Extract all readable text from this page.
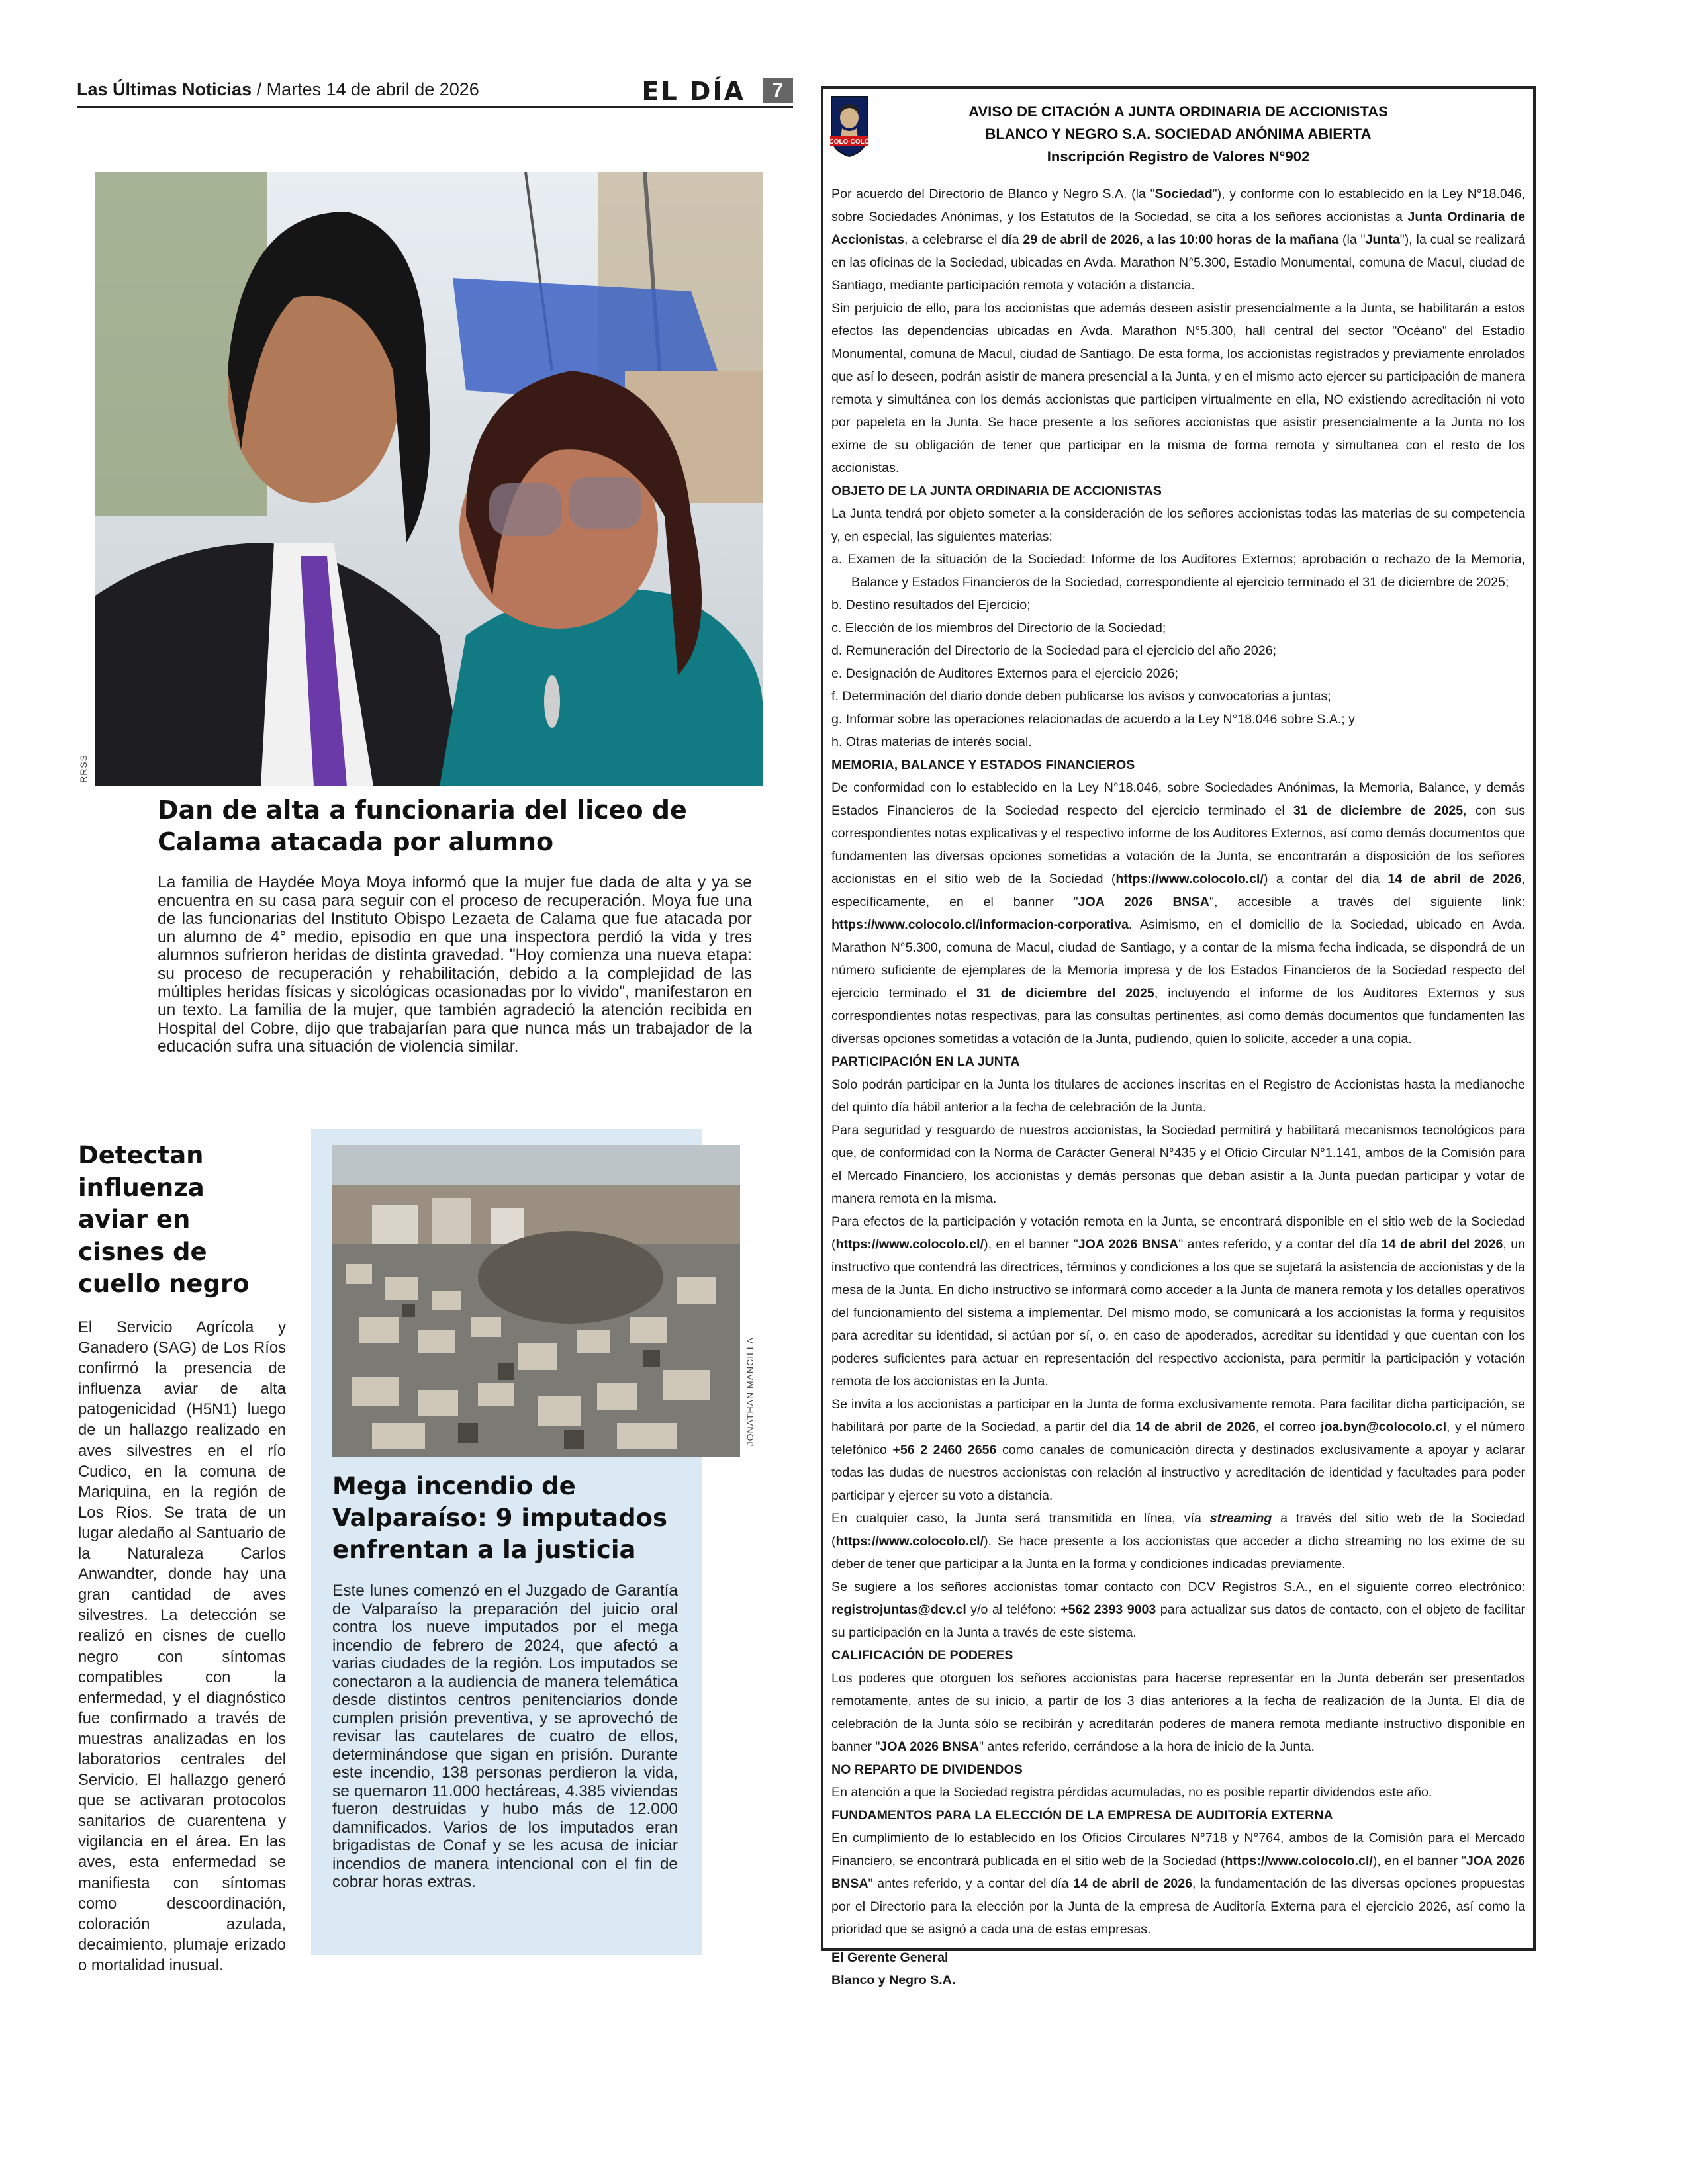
Las Últimas Noticias / Martes 14 de abril de 2026	EL DÍA	7
RRSS
Dan de alta a funcionaria del liceo de Calama atacada por alumno
La familia de Haydée Moya Moya informó que la mujer fue dada de alta y ya se encuentra en su casa para seguir con el proceso de recuperación. Moya fue una de las funcionarias del Instituto Obispo Lezaeta de Calama que fue atacada por un alumno de 4° medio, episodio en que una inspectora perdió la vida y tres alumnos sufrieron heridas de distinta gravedad. "Hoy comienza una nueva etapa: su proceso de recuperación y rehabilitación, debido a la complejidad de las múltiples heridas físicas y sicológicas ocasionadas por lo vivido", manifestaron en un texto. La familia de la mujer, que también agradeció la atención recibida en Hospital del Cobre, dijo que trabajarían para que nunca más un trabajador de la educación sufra una situación de violencia similar.
Detectan influenza aviar en cisnes de cuello negro
El Servicio Agrícola y Ganadero (SAG) de Los Ríos confirmó la presencia de influenza aviar de alta patogenicidad (H5N1) luego de un hallazgo realizado en aves silvestres en el río Cudico, en la comuna de Mariquina, en la región de Los Ríos. Se trata de un lugar aledaño al Santuario de la Naturaleza Carlos Anwandter, donde hay una gran cantidad de aves silvestres. La detección se realizó en cisnes de cuello negro con síntomas compatibles con la enfermedad, y el diagnóstico fue confirmado a través de muestras analizadas en los laboratorios centrales del Servicio. El hallazgo generó que se activaran protocolos sanitarios de cuarentena y vigilancia en el área. En las aves, esta enfermedad se manifiesta con síntomas como descoordinación, coloración azulada, decaimiento, plumaje erizado o mortalidad inusual.
JONATHAN MANCILLA
Mega incendio de Valparaíso: 9 imputados enfrentan a la justicia
Este lunes comenzó en el Juzgado de Garantía de Valparaíso la preparación del juicio oral contra los nueve imputados por el mega incendio de febrero de 2024, que afectó a varias ciudades de la región. Los imputados se conectaron a la audiencia de manera telemática desde distintos centros penitenciarios donde cumplen prisión preventiva, y se aprovechó de revisar las cautelares de cuatro de ellos, determinándose que sigan en prisión. Durante este incendio, 138 personas perdieron la vida, se quemaron 11.000 hectáreas, 4.385 viviendas fueron destruidas y hubo más de 12.000 damnificados. Varios de los imputados eran brigadistas de Conaf y se les acusa de iniciar incendios de manera intencional con el fin de cobrar horas extras.
COLO-COLO
AVISO DE CITACIÓN A JUNTA ORDINARIA DE ACCIONISTAS
BLANCO Y NEGRO S.A. SOCIEDAD ANÓNIMA ABIERTA
Inscripción Registro de Valores N°902

Por acuerdo del Directorio de Blanco y Negro S.A. (la "Sociedad"), y conforme con lo establecido en la Ley N°18.046, sobre Sociedades Anónimas, y los Estatutos de la Sociedad, se cita a los señores accionistas a Junta Ordinaria de Accionistas, a celebrarse el día 29 de abril de 2026, a las 10:00 horas de la mañana (la "Junta"), la cual se realizará en las oficinas de la Sociedad, ubicadas en Avda. Marathon N°5.300, Estadio Monumental, comuna de Macul, ciudad de Santiago, mediante participación remota y votación a distancia.

Sin perjuicio de ello, para los accionistas que además deseen asistir presencialmente a la Junta, se habilitarán a estos efectos las dependencias ubicadas en Avda. Marathon N°5.300, hall central del sector "Océano" del Estadio Monumental, comuna de Macul, ciudad de Santiago. De esta forma, los accionistas registrados y previamente enrolados que así lo deseen, podrán asistir de manera presencial a la Junta, y en el mismo acto ejercer su participación de manera remota y simultánea con los demás accionistas que participen virtualmente en ella, NO existiendo acreditación ni voto por papeleta en la Junta. Se hace presente a los señores accionistas que asistir presencialmente a la Junta no los exime de su obligación de tener que participar en la misma de forma remota y simultanea con el resto de los accionistas.

OBJETO DE LA JUNTA ORDINARIA DE ACCIONISTAS

La Junta tendrá por objeto someter a la consideración de los señores accionistas todas las materias de su competencia y, en especial, las siguientes materias:

a. Examen de la situación de la Sociedad: Informe de los Auditores Externos; aprobación o rechazo de la Memoria, Balance y Estados Financieros de la Sociedad, correspondiente al ejercicio terminado el 31 de diciembre de 2025;

b. Destino resultados del Ejercicio;

c. Elección de los miembros del Directorio de la Sociedad;

d. Remuneración del Directorio de la Sociedad para el ejercicio del año 2026;

e. Designación de Auditores Externos para el ejercicio 2026;

f. Determinación del diario donde deben publicarse los avisos y convocatorias a juntas;

g. Informar sobre las operaciones relacionadas de acuerdo a la Ley N°18.046 sobre S.A.; y

h. Otras materias de interés social.

MEMORIA, BALANCE Y ESTADOS FINANCIEROS

De conformidad con lo establecido en la Ley N°18.046, sobre Sociedades Anónimas, la Memoria, Balance, y demás Estados Financieros de la Sociedad respecto del ejercicio terminado el 31 de diciembre de 2025, con sus correspondientes notas explicativas y el respectivo informe de los Auditores Externos, así como demás documentos que fundamenten las diversas opciones sometidas a votación de la Junta, se encontrarán a disposición de los señores accionistas en el sitio web de la Sociedad (https://www.colocolo.cl/) a contar del día 14 de abril de 2026, específicamente, en el banner "JOA 2026 BNSA", accesible a través del siguiente link: https://www.colocolo.cl/informacion-corporativa. Asimismo, en el domicilio de la Sociedad, ubicado en Avda. Marathon N°5.300, comuna de Macul, ciudad de Santiago, y a contar de la misma fecha indicada, se dispondrá de un número suficiente de ejemplares de la Memoria impresa y de los Estados Financieros de la Sociedad respecto del ejercicio terminado el 31 de diciembre del 2025, incluyendo el informe de los Auditores Externos y sus correspondientes notas respectivas, para las consultas pertinentes, así como demás documentos que fundamenten las diversas opciones sometidas a votación de la Junta, pudiendo, quien lo solicite, acceder a una copia.

PARTICIPACIÓN EN LA JUNTA

Solo podrán participar en la Junta los titulares de acciones inscritas en el Registro de Accionistas hasta la medianoche del quinto día hábil anterior a la fecha de celebración de la Junta.

Para seguridad y resguardo de nuestros accionistas, la Sociedad permitirá y habilitará mecanismos tecnológicos para que, de conformidad con la Norma de Carácter General N°435 y el Oficio Circular N°1.141, ambos de la Comisión para el Mercado Financiero, los accionistas y demás personas que deban asistir a la Junta puedan participar y votar de manera remota en la misma.

Para efectos de la participación y votación remota en la Junta, se encontrará disponible en el sitio web de la Sociedad (https://www.colocolo.cl/), en el banner "JOA 2026 BNSA" antes referido, y a contar del día 14 de abril del 2026, un instructivo que contendrá las directrices, términos y condiciones a los que se sujetará la asistencia de accionistas y de la mesa de la Junta. En dicho instructivo se informará como acceder a la Junta de manera remota y los detalles operativos del funcionamiento del sistema a implementar. Del mismo modo, se comunicará a los accionistas la forma y requisitos para acreditar su identidad, si actúan por sí, o, en caso de apoderados, acreditar su identidad y que cuentan con los poderes suficientes para actuar en representación del respectivo accionista, para permitir la participación y votación remota de los accionistas en la Junta.

Se invita a los accionistas a participar en la Junta de forma exclusivamente remota. Para facilitar dicha participación, se habilitará por parte de la Sociedad, a partir del día 14 de abril de 2026, el correo joa.byn@colocolo.cl, y el número telefónico +56 2 2460 2656 como canales de comunicación directa y destinados exclusivamente a apoyar y aclarar todas las dudas de nuestros accionistas con relación al instructivo y acreditación de identidad y facultades para poder participar y ejercer su voto a distancia.

En cualquier caso, la Junta será transmitida en línea, vía streaming a través del sitio web de la Sociedad (https://www.colocolo.cl/). Se hace presente a los accionistas que acceder a dicho streaming no los exime de su deber de tener que participar a la Junta en la forma y condiciones indicadas previamente.

Se sugiere a los señores accionistas tomar contacto con DCV Registros S.A., en el siguiente correo electrónico: registrojuntas@dcv.cl y/o al teléfono: +562 2393 9003 para actualizar sus datos de contacto, con el objeto de facilitar su participación en la Junta a través de este sistema.

CALIFICACIÓN DE PODERES

Los poderes que otorguen los señores accionistas para hacerse representar en la Junta deberán ser presentados remotamente, antes de su inicio, a partir de los 3 días anteriores a la fecha de realización de la Junta. El día de celebración de la Junta sólo se recibirán y acreditarán poderes de manera remota mediante instructivo disponible en banner "JOA 2026 BNSA" antes referido, cerrándose a la hora de inicio de la Junta.

NO REPARTO DE DIVIDENDOS

En atención a que la Sociedad registra pérdidas acumuladas, no es posible repartir dividendos este año.

FUNDAMENTOS PARA LA ELECCIÓN DE LA EMPRESA DE AUDITORÍA EXTERNA

En cumplimiento de lo establecido en los Oficios Circulares N°718 y N°764, ambos de la Comisión para el Mercado Financiero, se encontrará publicada en el sitio web de la Sociedad (https://www.colocolo.cl/), en el banner "JOA 2026 BNSA" antes referido, y a contar del día 14 de abril de 2026, la fundamentación de las diversas opciones propuestas por el Directorio para la elección por la Junta de la empresa de Auditoría Externa para el ejercicio 2026, así como la prioridad que se asignó a cada una de estas empresas.

El Gerente General

Blanco y Negro S.A.
